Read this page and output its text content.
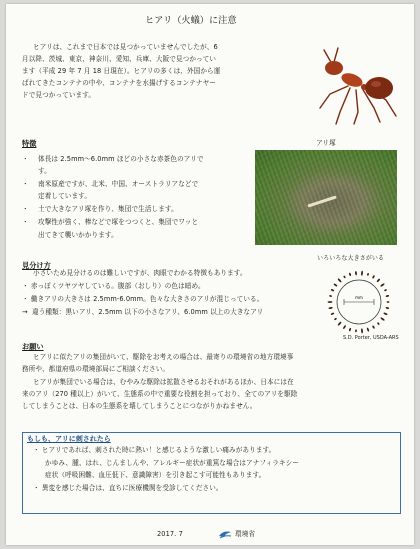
ヒアリ（火蟻）に注意
ヒアリは、これまで日本では見つかっていませんでしたが、6
月以降、茨城、東京、神奈川、愛知、兵庫、大阪で見つかってい
ます（平成 29 年 7 月 18 日現在）。ヒアリの多くは、外国から運
ばれてきたコンテナの中や、コンテナを水揚げするコンテナヤー
ドで見つかっています。
特徴	アリ塚
・ 体長は 2.5mm～6.0mm ほどの小さな赤茶色のアリで
す。
・ 南米原産ですが、北米、中国、オーストラリアなどで
定着しています。
・ 土で大きなアリ塚を作り、集団で生活します。
・ 攻撃性が強く、棒などで塚をつつくと、集団でワッと
出てきて襲いかかります。
見分け方
いろいろな大きさがいる
小さいため見分けるのは難しいですが、肉眼でわかる特徴もあります。
・ 赤っぽくツヤツヤしている。腹部（おしり）の色は暗め。
・ 働きアリの大きさは 2.5mm-6.0mm。色々な大きさのアリが混じっている。
→  違う種類：黒いアリ、2.5mm 以下の小さなアリ、6.0mm 以上の大きなアリ
mm
S.D. Porter, USDA-ARS
お願い
ヒアリに似たアリの集団がいて、駆除をお考えの場合は、最寄りの環境省の地方環境事
務所や、都道府県の環境部局にご相談ください。
ヒアリが集団でいる場合は、むやみな駆除は拡散させるおそれがあるほか、日本には在
来のアリ（270 種以上）がいて、生態系の中で重要な役割を担っており、全てのアリを駆除
してしまうことは、日本の生態系を壊してしまうことにつながりかねません。
もしも、アリに刺されたら
・ ヒアリであれば、刺された時に熱い！と感じるような激しい痛みがあります。
かゆみ、腫、はれ、じんましんや、アレルギー症状が重篤な場合はアナフィラキシー
症状（呼吸困難、血圧低下、意識障害）を引き起こす可能性もあります。
・ 異変を感じた場合は、直ちに医療機関を受診してください。
2017. 7	環境省
